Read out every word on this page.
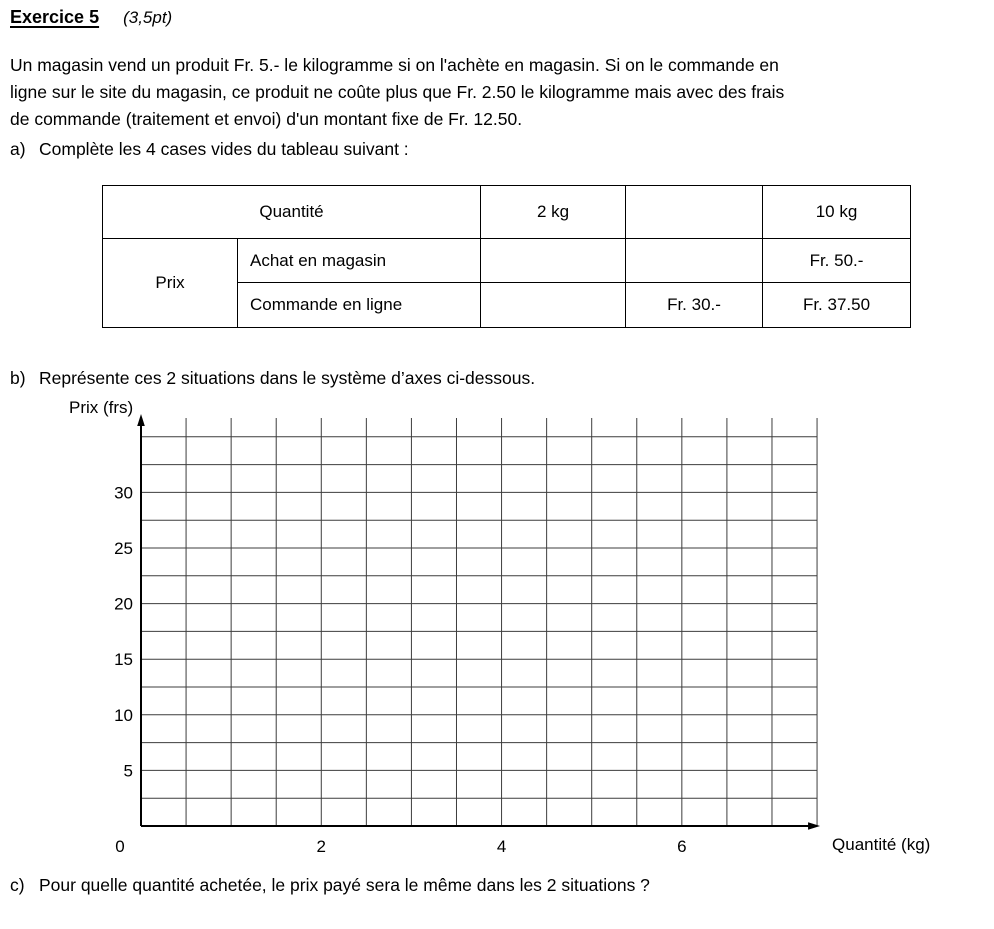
Exercice 5 (3,5pt)
Un magasin vend un produit Fr. 5.- le kilogramme si on l'achète en magasin. Si on le commande en
ligne sur le site du magasin, ce produit ne coûte plus que Fr. 2.50 le kilogramme mais avec des frais
de commande (traitement et envoi) d'un montant fixe de Fr. 12.50.
a) Complète les 4 cases vides du tableau suivant :
Quantité		2 kg		10 kg
Prix	Achat en magasin			Fr. 50.-
	Commande en ligne		Fr. 30.-	Fr. 37.50
b) Représente ces 2 situations dans le système d’axes ci-dessous.
Prix (frs)
5
10
15
20
25
30
0	2	4	6	Quantité (kg)
c) Pour quelle quantité achetée, le prix payé sera le même dans les 2 situations ?
